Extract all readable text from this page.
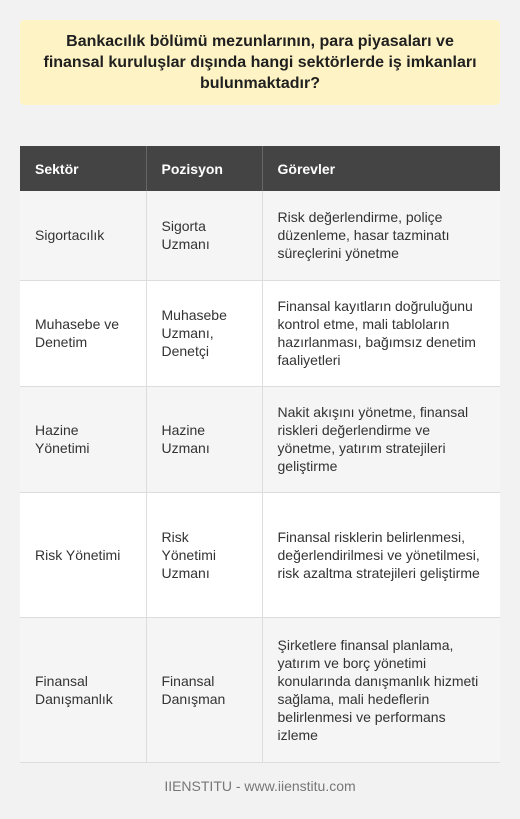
Bankacılık bölümü mezunlarının, para piyasaları ve finansal kuruluşlar dışında hangi sektörlerde iş imkanları bulunmaktadır?
Sektör	Pozisyon	Görevler
Sigortacılık	Sigorta Uzmanı	Risk değerlendirme, poliçe düzenleme, hasar tazminatı süreçlerini yönetme
Muhasebe ve Denetim	Muhasebe Uzmanı, Denetçi	Finansal kayıtların doğruluğunu kontrol etme, mali tabloların hazırlanması, bağımsız denetim faaliyetleri
Hazine Yönetimi	Hazine Uzmanı	Nakit akışını yönetme, finansal riskleri değerlendirme ve yönetme, yatırım stratejileri geliştirme
Risk Yönetimi	Risk Yönetimi Uzmanı	Finansal risklerin belirlenmesi, değerlendirilmesi ve yönetilmesi, risk azaltma stratejileri geliştirme
Finansal Danışmanlık	Finansal Danışman	Şirketlere finansal planlama, yatırım ve borç yönetimi konularında danışmanlık hizmeti sağlama, mali hedeflerin belirlenmesi ve performans izleme
IIENSTITU - www.iienstitu.com
